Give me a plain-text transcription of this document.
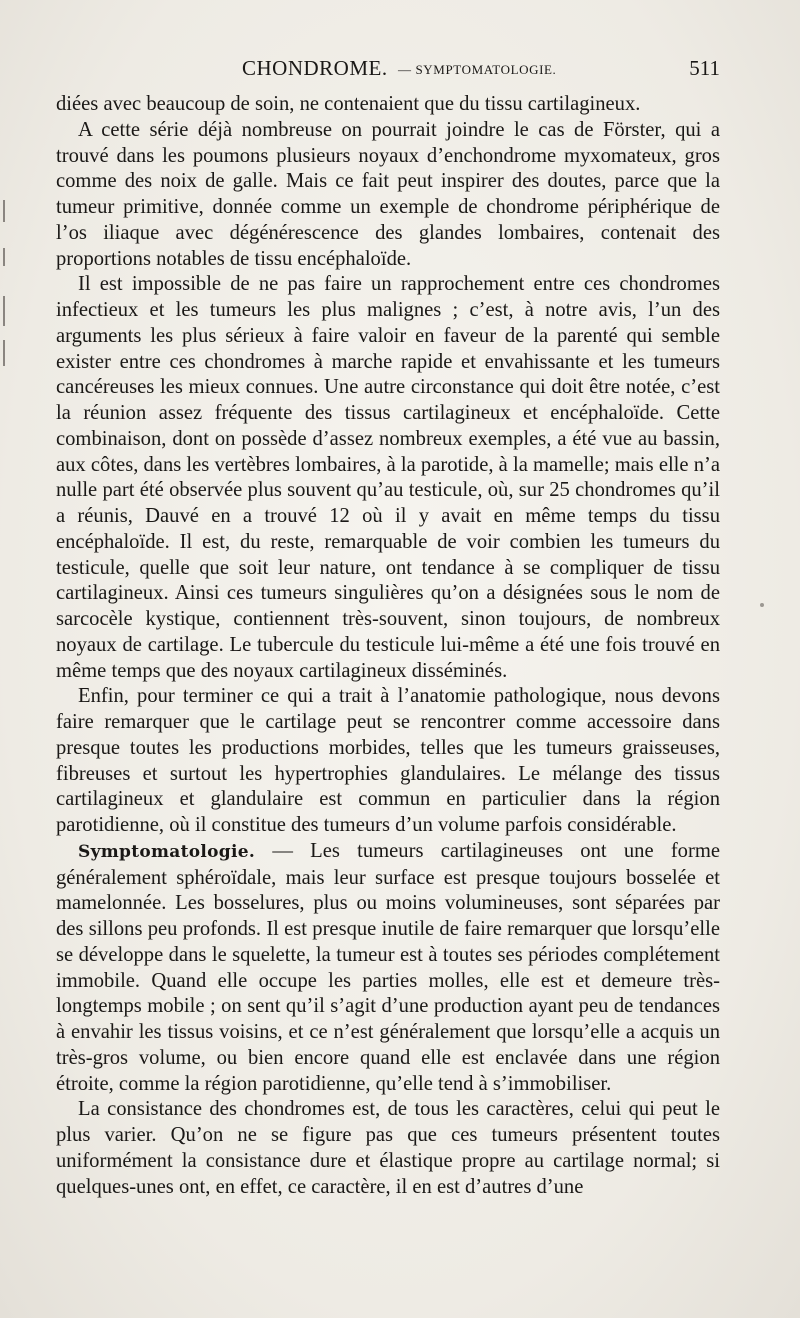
CHONDROME. — SYMPTOMATOLOGIE.	511

diées avec beaucoup de soin, ne contenaient que du tissu cartilagineux.

A cette série déjà nombreuse on pourrait joindre le cas de Förster, qui a trouvé dans les poumons plusieurs noyaux d’enchondrome myxomateux, gros comme des noix de galle. Mais ce fait peut inspirer des doutes, parce que la tumeur primitive, donnée comme un exemple de chondrome périphérique de l’os iliaque avec dégénérescence des glandes lombaires, contenait des proportions notables de tissu encéphaloïde.

Il est impossible de ne pas faire un rapprochement entre ces chondromes infectieux et les tumeurs les plus malignes ; c’est, à notre avis, l’un des arguments les plus sérieux à faire valoir en faveur de la parenté qui semble exister entre ces chondromes à marche rapide et envahissante et les tumeurs cancéreuses les mieux connues. Une autre circonstance qui doit être notée, c’est la réunion assez fréquente des tissus cartilagineux et encéphaloïde. Cette combinaison, dont on possède d’assez nombreux exemples, a été vue au bassin, aux côtes, dans les vertèbres lombaires, à la parotide, à la mamelle; mais elle n’a nulle part été observée plus souvent qu’au testicule, où, sur 25 chondromes qu’il a réunis, Dauvé en a trouvé 12 où il y avait en même temps du tissu encéphaloïde. Il est, du reste, remarquable de voir combien les tumeurs du testicule, quelle que soit leur nature, ont tendance à se compliquer de tissu cartilagineux. Ainsi ces tumeurs singulières qu’on a désignées sous le nom de sarcocèle kystique, contiennent très-souvent, sinon toujours, de nombreux noyaux de cartilage. Le tubercule du testicule lui-même a été une fois trouvé en même temps que des noyaux cartilagineux disséminés.

Enfin, pour terminer ce qui a trait à l’anatomie pathologique, nous devons faire remarquer que le cartilage peut se rencontrer comme accessoire dans presque toutes les productions morbides, telles que les tumeurs graisseuses, fibreuses et surtout les hypertrophies glandulaires. Le mélange des tissus cartilagineux et glandulaire est commun en particulier dans la région parotidienne, où il constitue des tumeurs d’un volume parfois considérable.

Symptomatologie. — Les tumeurs cartilagineuses ont une forme généralement sphéroïdale, mais leur surface est presque toujours bosselée et mamelonnée. Les bosselures, plus ou moins volumineuses, sont séparées par des sillons peu profonds. Il est presque inutile de faire remarquer que lorsqu’elle se développe dans le squelette, la tumeur est à toutes ses périodes complétement immobile. Quand elle occupe les parties molles, elle est et demeure très-longtemps mobile ; on sent qu’il s’agit d’une production ayant peu de tendances à envahir les tissus voisins, et ce n’est généralement que lorsqu’elle a acquis un très-gros volume, ou bien encore quand elle est enclavée dans une région étroite, comme la région parotidienne, qu’elle tend à s’immobiliser.

La consistance des chondromes est, de tous les caractères, celui qui peut le plus varier. Qu’on ne se figure pas que ces tumeurs présentent toutes uniformément la consistance dure et élastique propre au cartilage normal; si quelques-unes ont, en effet, ce caractère, il en est d’autres d’une
